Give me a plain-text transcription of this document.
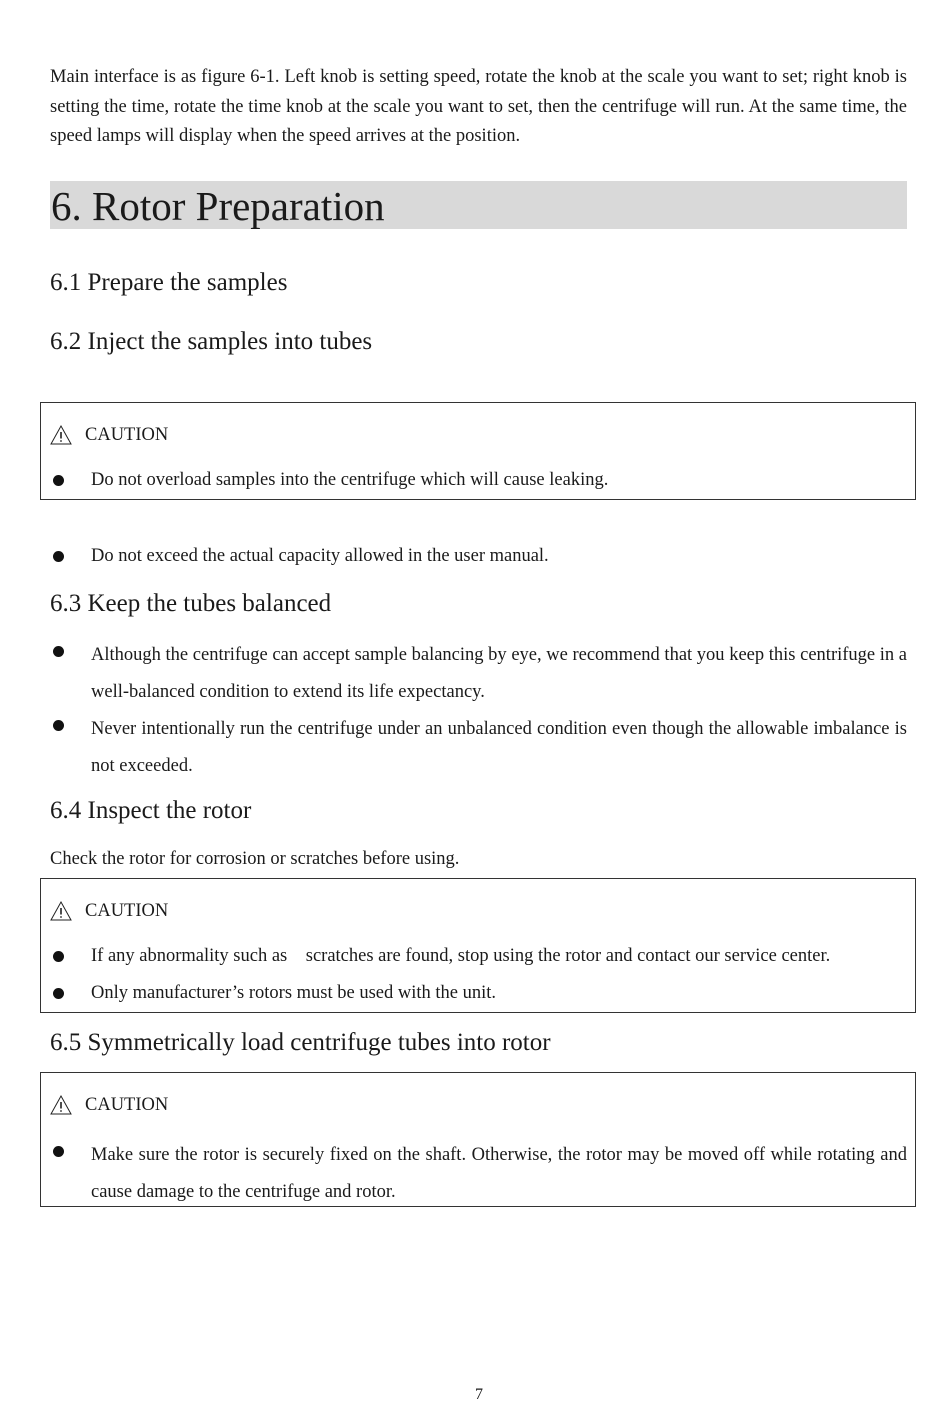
Main interface is as figure 6-1. Left knob is setting speed, rotate the knob at the scale you want to set; right knob is setting the time, rotate the time knob at the scale you want to set, then the centrifuge will run. At the same time, the speed lamps will display when the speed arrives at the position.
6. Rotor Preparation
6.1 Prepare the samples
6.2 Inject the samples into tubes
CAUTION
Do not overload samples into the centrifuge which will cause leaking.
Do not exceed the actual capacity allowed in the user manual.
6.3 Keep the tubes balanced
Although the centrifuge can accept sample balancing by eye, we recommend that you keep this centrifuge in a well-balanced condition to extend its life expectancy.
Never intentionally run the centrifuge under an unbalanced condition even though the allowable imbalance is not exceeded.
6.4 Inspect the rotor
Check the rotor for corrosion or scratches before using.
CAUTION
If any abnormality such as scratches are found, stop using the rotor and contact our service center.
Only manufacturer’s rotors must be used with the unit.
6.5 Symmetrically load centrifuge tubes into rotor
CAUTION
Make sure the rotor is securely fixed on the shaft. Otherwise, the rotor may be moved off while rotating and cause damage to the centrifuge and rotor.
7
